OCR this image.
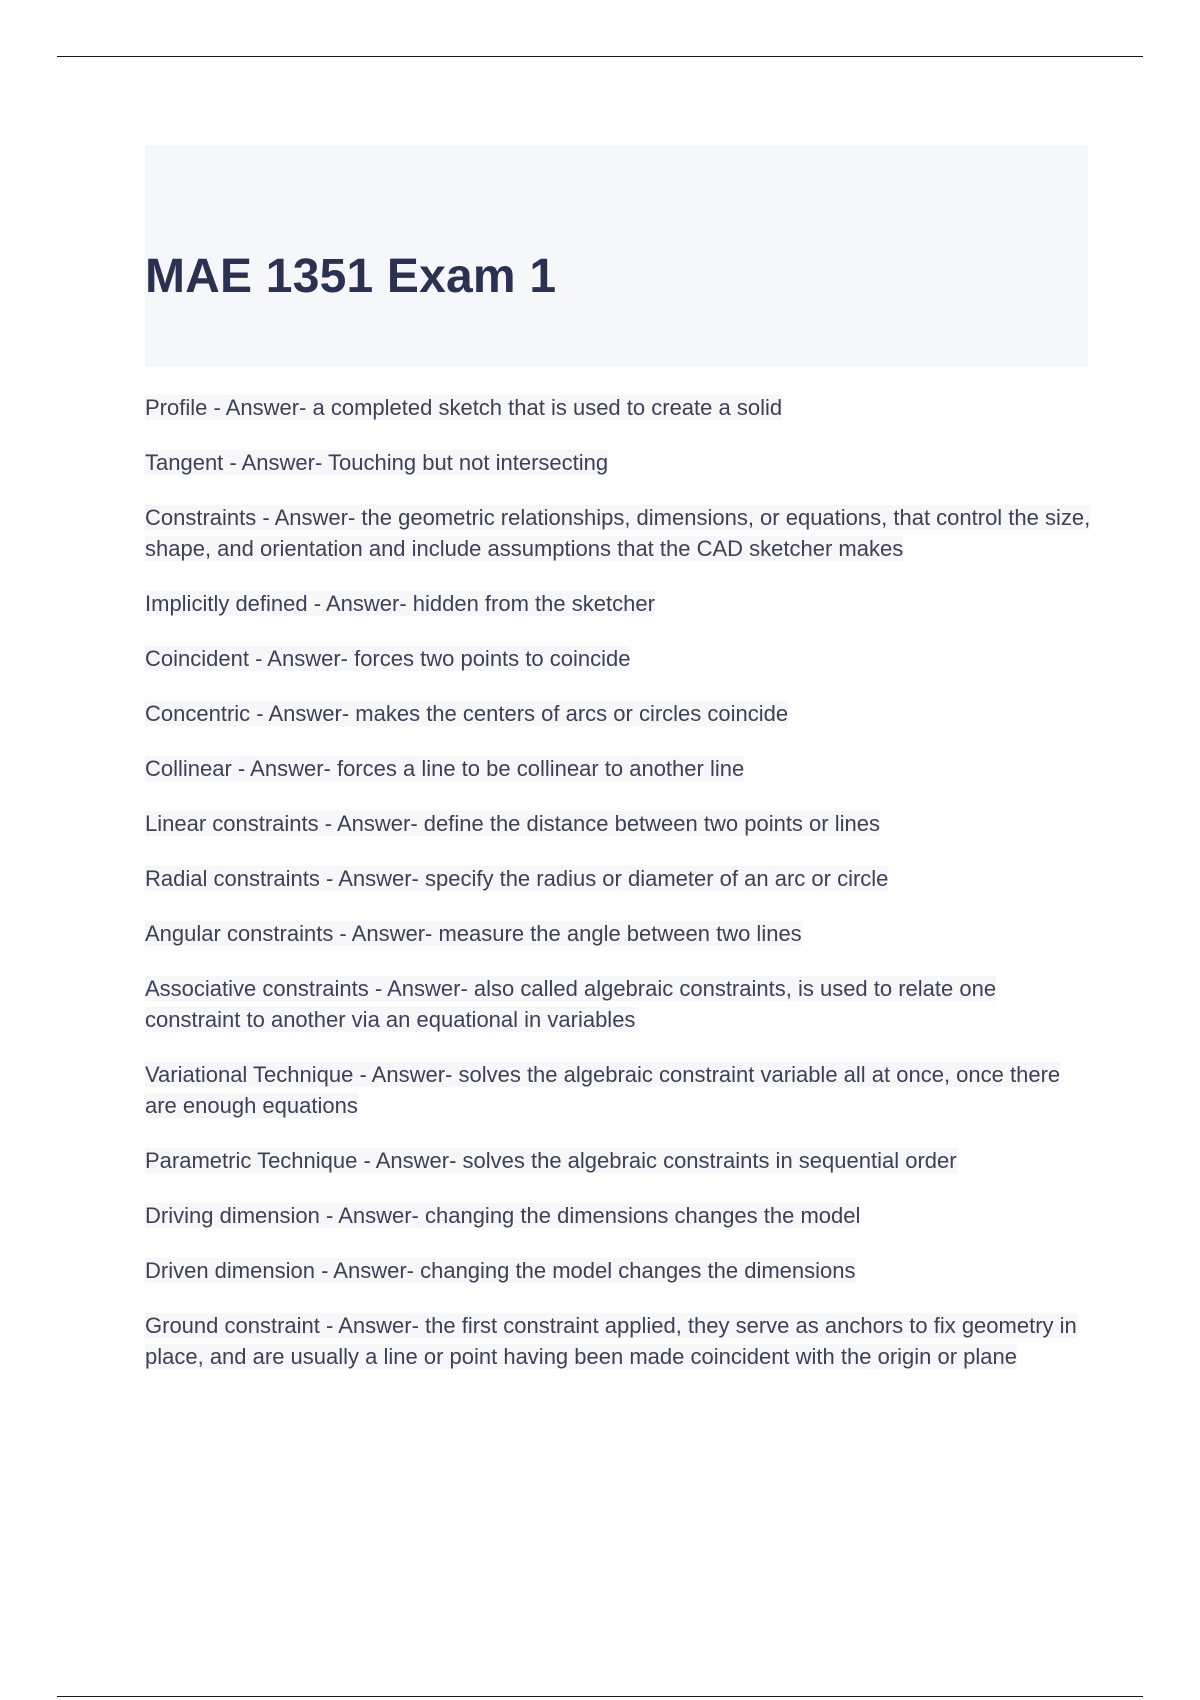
MAE 1351 Exam 1
Profile - Answer- a completed sketch that is used to create a solid
Tangent - Answer- Touching but not intersecting
Constraints - Answer- the geometric relationships, dimensions, or equations, that control the size, shape, and orientation and include assumptions that the CAD sketcher makes
Implicitly defined - Answer- hidden from the sketcher
Coincident - Answer- forces two points to coincide
Concentric - Answer- makes the centers of arcs or circles coincide
Collinear - Answer- forces a line to be collinear to another line
Linear constraints - Answer- define the distance between two points or lines
Radial constraints - Answer- specify the radius or diameter of an arc or circle
Angular constraints - Answer- measure the angle between two lines
Associative constraints - Answer- also called algebraic constraints, is used to relate one constraint to another via an equational in variables
Variational Technique - Answer- solves the algebraic constraint variable all at once, once there are enough equations
Parametric Technique - Answer- solves the algebraic constraints in sequential order
Driving dimension - Answer- changing the dimensions changes the model
Driven dimension - Answer- changing the model changes the dimensions
Ground constraint - Answer- the first constraint applied, they serve as anchors to fix geometry in place, and are usually a line or point having been made coincident with the origin or plane
